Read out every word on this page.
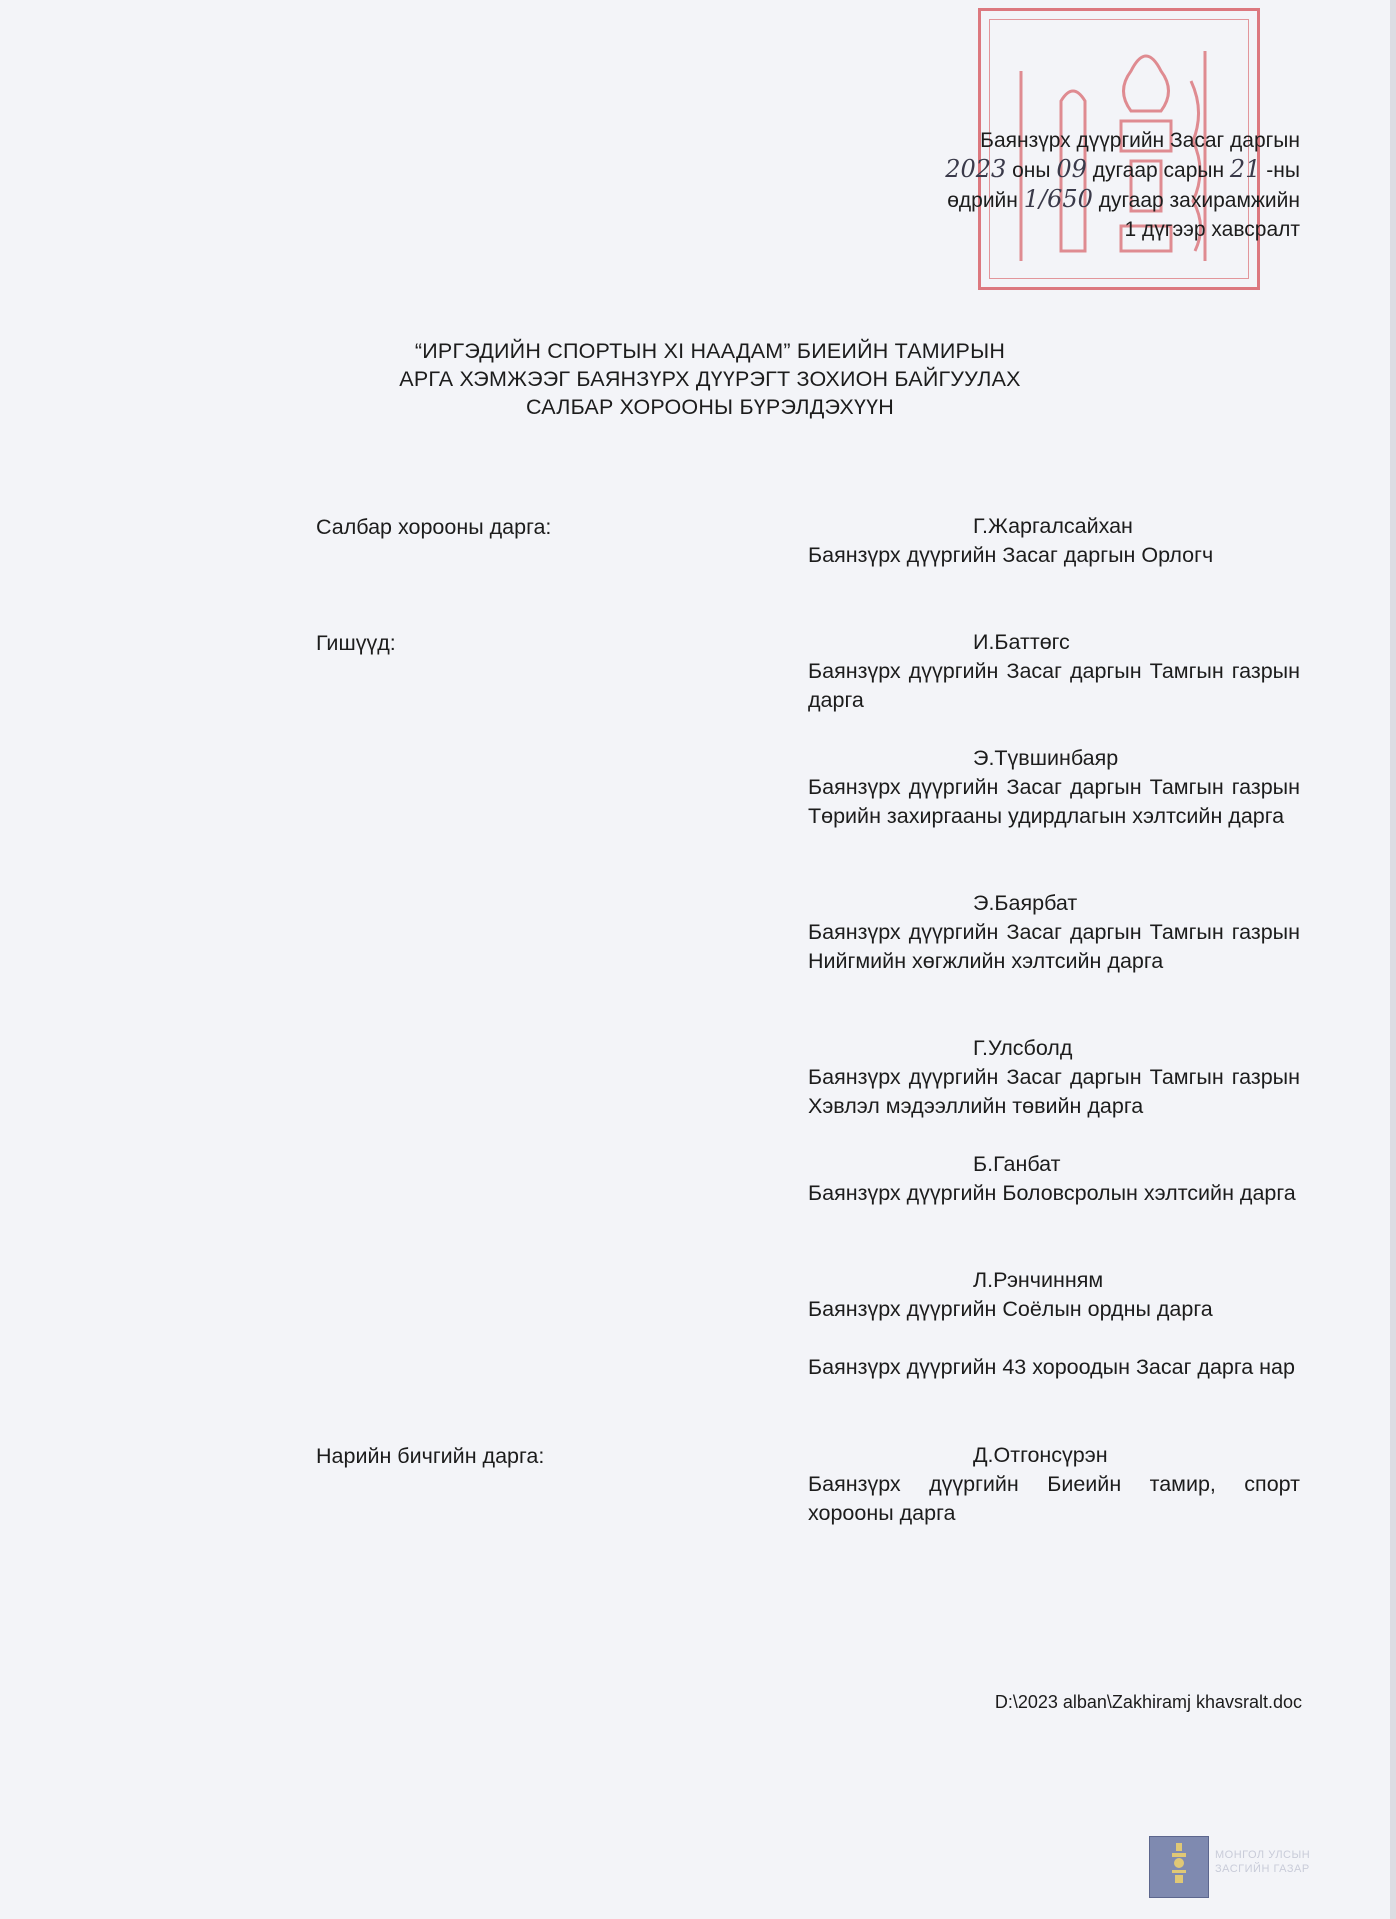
Баянзүрх дүүргийн Засаг даргын
2023 оны 09 дугаар сарын 21 -ны
өдрийн 1/650 дугаар захирамжийн
1 дүгээр хавсралт
“ИРГЭДИЙН СПОРТЫН XI НААДАМ” БИЕИЙН ТАМИРЫН
АРГА ХЭМЖЭЭГ БАЯНЗҮРХ ДҮҮРЭГТ ЗОХИОН БАЙГУУЛАХ
САЛБАР ХОРООНЫ БҮРЭЛДЭХҮҮН
Салбар хорооны дарга:	Г.Жаргалсайхан
Баянзүрх дүүргийн Засаг даргын Орлогч
Гишүүд:	И.Баттөгс
Баянзүрх дүүргийн Засаг даргын Тамгын газрын дарга
Э.Түвшинбаяр
Баянзүрх дүүргийн Засаг даргын Тамгын газрын Төрийн захиргааны удирдлагын хэлтсийн дарга
Э.Баярбат
Баянзүрх дүүргийн Засаг даргын Тамгын газрын Нийгмийн хөгжлийн хэлтсийн дарга
Г.Улсболд
Баянзүрх дүүргийн Засаг даргын Тамгын газрын Хэвлэл мэдээллийн төвийн дарга
Б.Ганбат
Баянзүрх дүүргийн Боловсролын хэлтсийн дарга
Л.Рэнчинням
Баянзүрх дүүргийн Соёлын ордны дарга
Баянзүрх дүүргийн 43 хороодын Засаг дарга нар
Нарийн бичгийн дарга:	Д.Отгонсүрэн
Баянзүрх дүүргийн Биеийн тамир, спорт хорооны дарга
D:\2023 alban\Zakhiramj khavsralt.doc
МОНГОЛ УЛСЫН
ЗАСГИЙН ГАЗАР
